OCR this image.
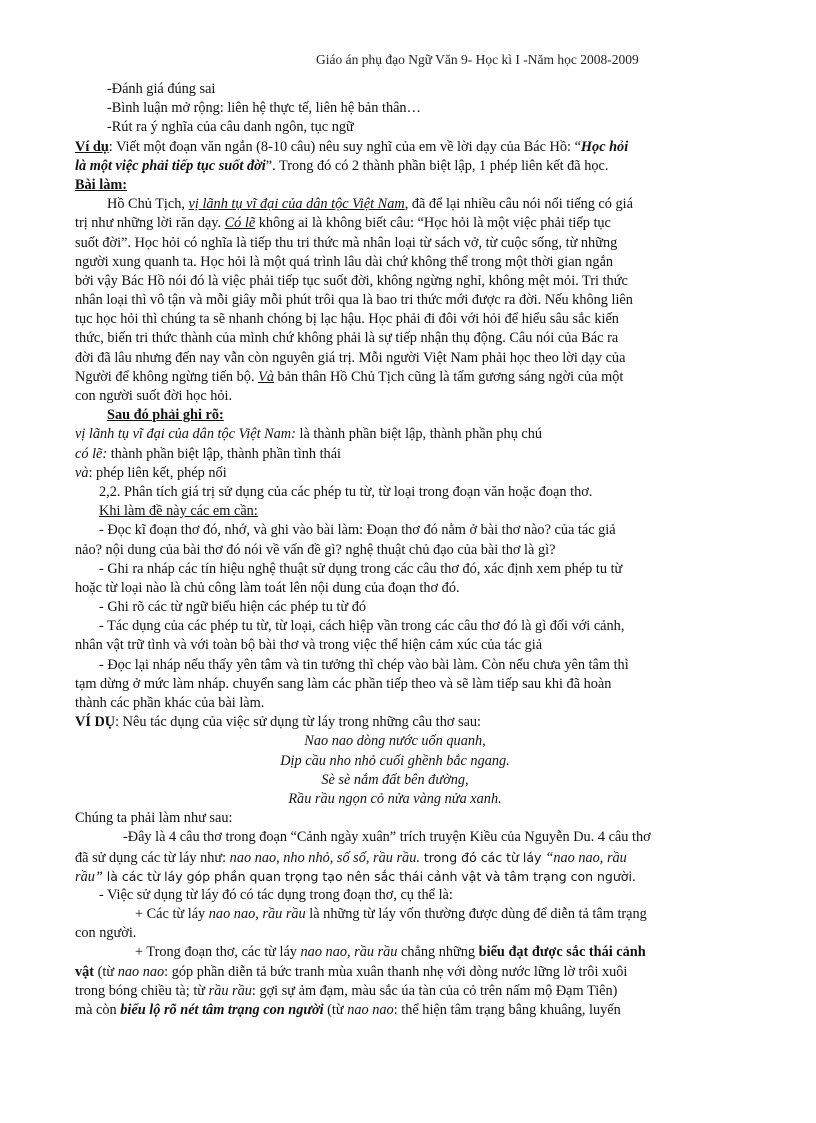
Giáo án phụ đạo Ngữ Văn 9- Học kì I -Năm học 2008-2009
-Đánh giá đúng sai
-Bình luận mở rộng: liên hệ thực tế, liên hệ bản thân…
-Rút ra ý nghĩa của câu danh ngôn, tục ngữ
Ví dụ: Viết một đoạn văn ngắn (8-10 câu) nêu suy nghĩ của em về lời dạy của Bác Hồ: “Học hỏi
là một việc phải tiếp tục suốt đời”. Trong đó có 2 thành phần biệt lập, 1 phép liên kết đã học.
Bài làm:
Hồ Chủ Tịch, vị lãnh tụ vĩ đại của dân tộc Việt Nam, đã để lại nhiều câu nói nổi tiếng có giá
trị như những lời răn dạy. Có lẽ không ai là không biết câu: “Học hỏi là một việc phải tiếp tục
suốt đời”. Học hỏi có nghĩa là tiếp thu tri thức mà nhân loại từ sách vở, từ cuộc sống, từ những
người xung quanh ta. Học hỏi là một quá trình lâu dài chứ không thể trong một thời gian ngắn
bởi vậy Bác Hồ nói đó là việc phải tiếp tục suốt đời, không ngừng nghỉ, không mệt mỏi. Tri thức
nhân loại thì vô tận và mỗi giây mỗi phút trôi qua là bao tri thức mới được ra đời. Nếu không liên
tục học hỏi thì chúng ta sẽ nhanh chóng bị lạc hậu. Học phải đi đôi với hỏi để hiểu sâu sắc kiến
thức, biến tri thức thành của mình chứ không phải là sự tiếp nhận thụ động. Câu nói của Bác ra
đời đã lâu nhưng đến nay vẫn còn nguyên giá trị. Mỗi người Việt Nam phải học theo lời dạy của
Người để không ngừng tiến bộ. Và bản thân Hồ Chủ Tịch cũng là tấm gương sáng ngời của một
con người suốt đời học hỏi.
Sau đó phải ghi rõ:
vị lãnh tụ vĩ đại của dân tộc Việt Nam: là thành phần biệt lập, thành phần phụ chú
có lẽ: thành phần biệt lập, thành phần tình thái
và: phép liên kết, phép nối
2,2. Phân tích giá trị sử dụng của các phép tu từ, từ loại trong đoạn văn hoặc đoạn thơ.
Khi làm đề này các em cần:
- Đọc kĩ đoạn thơ đó, nhớ, và ghi vào bài làm: Đoạn thơ đó nằm ở bài thơ nào? của tác giả
nảo? nội dung của bài thơ đó nói về vấn đề gì? nghệ thuật chủ đạo của bài thơ là gì?
- Ghi ra nháp các tín hiệu nghệ thuật sử dụng trong các câu thơ đó, xác định xem phép tu từ
hoặc từ loại nào là chủ công làm toát lên nội dung của đoạn thơ đó.
- Ghi rõ các từ ngữ biểu hiện các phép tu từ đó
- Tác dụng của các phép tu từ, từ loại, cách hiệp vần trong các câu thơ đó là gì đối với cảnh,
nhân vật trữ tình và với toàn bộ bài thơ và trong việc thể hiện cảm xúc của tác giả
- Đọc lại nháp nếu thấy yên tâm và tin tưởng thì chép vào bài làm. Còn nếu chưa yên tâm thì
tạm dừng ở mức làm nháp. chuyển sang làm các phần tiếp theo và sẽ làm tiếp sau khi đã hoàn
thành các phần khác của bài làm.
VÍ DỤ: Nêu tác dụng của việc sử dụng từ láy trong những câu thơ sau:
Nao nao dòng nước uốn quanh,
Dịp cầu nho nhỏ cuối ghềnh bắc ngang.
Sè sè nắm đất bên đường,
Rầu rầu ngọn cỏ nửa vàng nửa xanh.
Chúng ta phải làm như sau:
-Đây là 4 câu thơ trong đoạn “Cảnh ngày xuân” trích truyện Kiều của Nguyễn Du. 4 câu thơ
đã sử dụng các từ láy như: nao nao, nho nhỏ, số số, rầu rầu. trong đó các từ láy “nao nao, rầu
rầu” là các từ láy góp phần quan trọng tạo nên sắc thái cảnh vật và tâm trạng con người.
- Việc sử dụng từ láy đó có tác dụng trong đoạn thơ, cụ thể là:
+ Các từ láy nao nao, rầu rầu là những từ láy vốn thường được dùng để diễn tả tâm trạng
con người.
+ Trong đoạn thơ, các từ láy nao nao, rầu rầu chẳng những biểu đạt được sắc thái cảnh
vật (từ nao nao: góp phần diễn tả bức tranh mùa xuân thanh nhẹ với dòng nước lững lờ trôi xuôi
trong bóng chiều tà; từ rầu rầu: gợi sự ảm đạm, màu sắc úa tàn của cỏ trên nấm mộ Đạm Tiên)
mà còn biểu lộ rõ nét tâm trạng con người (từ nao nao: thể hiện tâm trạng bâng khuâng, luyến
